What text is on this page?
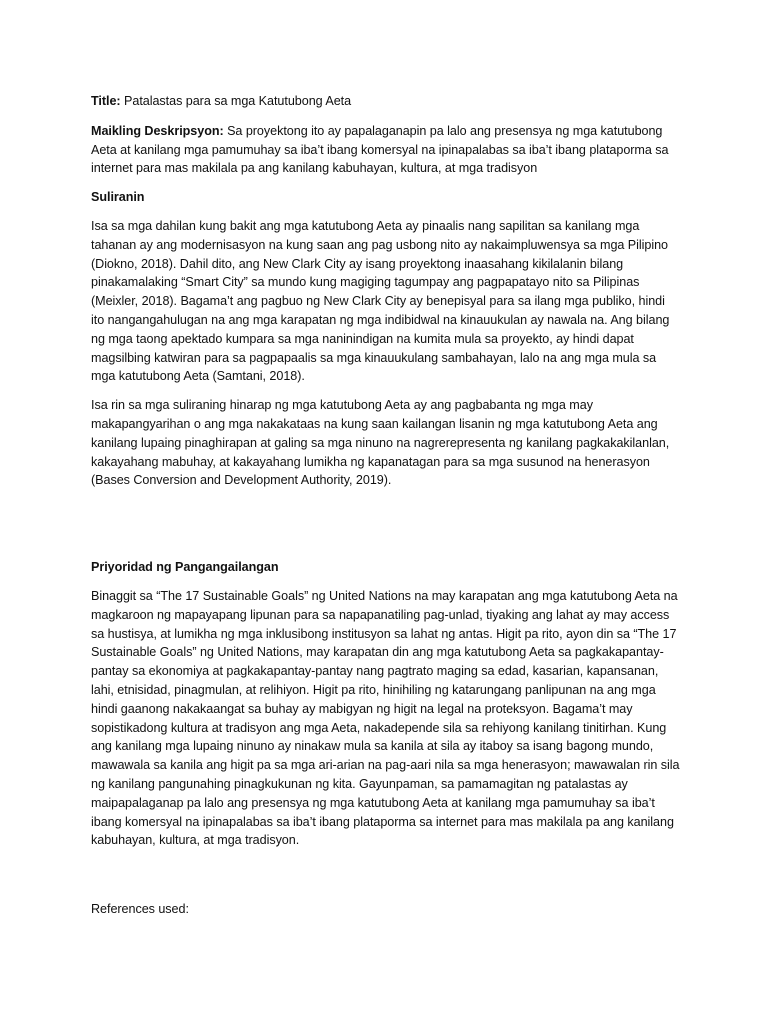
Title: Patalastas para sa mga Katutubong Aeta

Maikling Deskripsyon: Sa proyektong ito ay papalaganapin pa lalo ang presensya ng mga katutubong Aeta at kanilang mga pamumuhay sa iba’t ibang komersyal na ipinapalabas sa iba’t ibang plataporma sa internet para mas makilala pa ang kanilang kabuhayan, kultura, at mga tradisyon

Suliranin

Isa sa mga dahilan kung bakit ang mga katutubong Aeta ay pinaalis nang sapilitan sa kanilang mga tahanan ay ang modernisasyon na kung saan ang pag usbong nito ay nakaimpluwensya sa mga Pilipino (Diokno, 2018). Dahil dito, ang New Clark City ay isang proyektong inaasahang kikilalanin bilang pinakamalaking “Smart City” sa mundo kung magiging tagumpay ang pagpapatayo nito sa Pilipinas (Meixler, 2018). Bagama’t ang pagbuo ng New Clark City ay benepisyal para sa ilang mga publiko, hindi ito nangangahulugan na ang mga karapatan ng mga indibidwal na kinauukulan ay nawala na. Ang bilang ng mga taong apektado kumpara sa mga naninindigan na kumita mula sa proyekto, ay hindi dapat magsilbing katwiran para sa pagpapaalis sa mga kinauukulang sambahayan, lalo na ang mga mula sa mga katutubong Aeta (Samtani, 2018).

Isa rin sa mga suliraning hinarap ng mga katutubong Aeta ay ang pagbabanta ng mga may makapangyarihan o ang mga nakakataas na kung saan kailangan lisanin ng mga katutubong Aeta ang kanilang lupaing pinaghirapan at galing sa mga ninuno na nagrerepresenta ng kanilang pagkakakilanlan, kakayahang mabuhay, at kakayahang lumikha ng kapanatagan para sa mga susunod na henerasyon (Bases Conversion and Development Authority, 2019).

Priyoridad ng Pangangailangan

Binaggit sa “The 17 Sustainable Goals” ng United Nations na may karapatan ang mga katutubong Aeta na magkaroon ng mapayapang lipunan para sa napapanatiling pag-unlad, tiyaking ang lahat ay may access sa hustisya, at lumikha ng mga inklusibong institusyon sa lahat ng antas. Higit pa rito, ayon din sa “The 17 Sustainable Goals” ng United Nations, may karapatan din ang mga katutubong Aeta sa pagkakapantay-pantay sa ekonomiya at pagkakapantay-pantay nang pagtrato maging sa edad, kasarian, kapansanan, lahi, etnisidad, pinagmulan, at relihiyon. Higit pa rito, hinihiling ng katarungang panlipunan na ang mga hindi gaanong nakakaangat sa buhay ay mabigyan ng higit na legal na proteksyon. Bagama’t may sopistikadong kultura at tradisyon ang mga Aeta, nakadepende sila sa rehiyong kanilang tinitirhan. Kung ang kanilang mga lupaing ninuno ay ninakaw mula sa kanila at sila ay itaboy sa isang bagong mundo, mawawala sa kanila ang higit pa sa mga ari-arian na pag-aari nila sa mga henerasyon; mawawalan rin sila ng kanilang pangunahing pinagkukunan ng kita. Gayunpaman, sa pamamagitan ng patalastas ay maipapalaganap pa lalo ang presensya ng mga katutubong Aeta at kanilang mga pamumuhay sa iba’t ibang komersyal na ipinapalabas sa iba’t ibang plataporma sa internet para mas makilala pa ang kanilang kabuhayan, kultura, at mga tradisyon.

References used:
